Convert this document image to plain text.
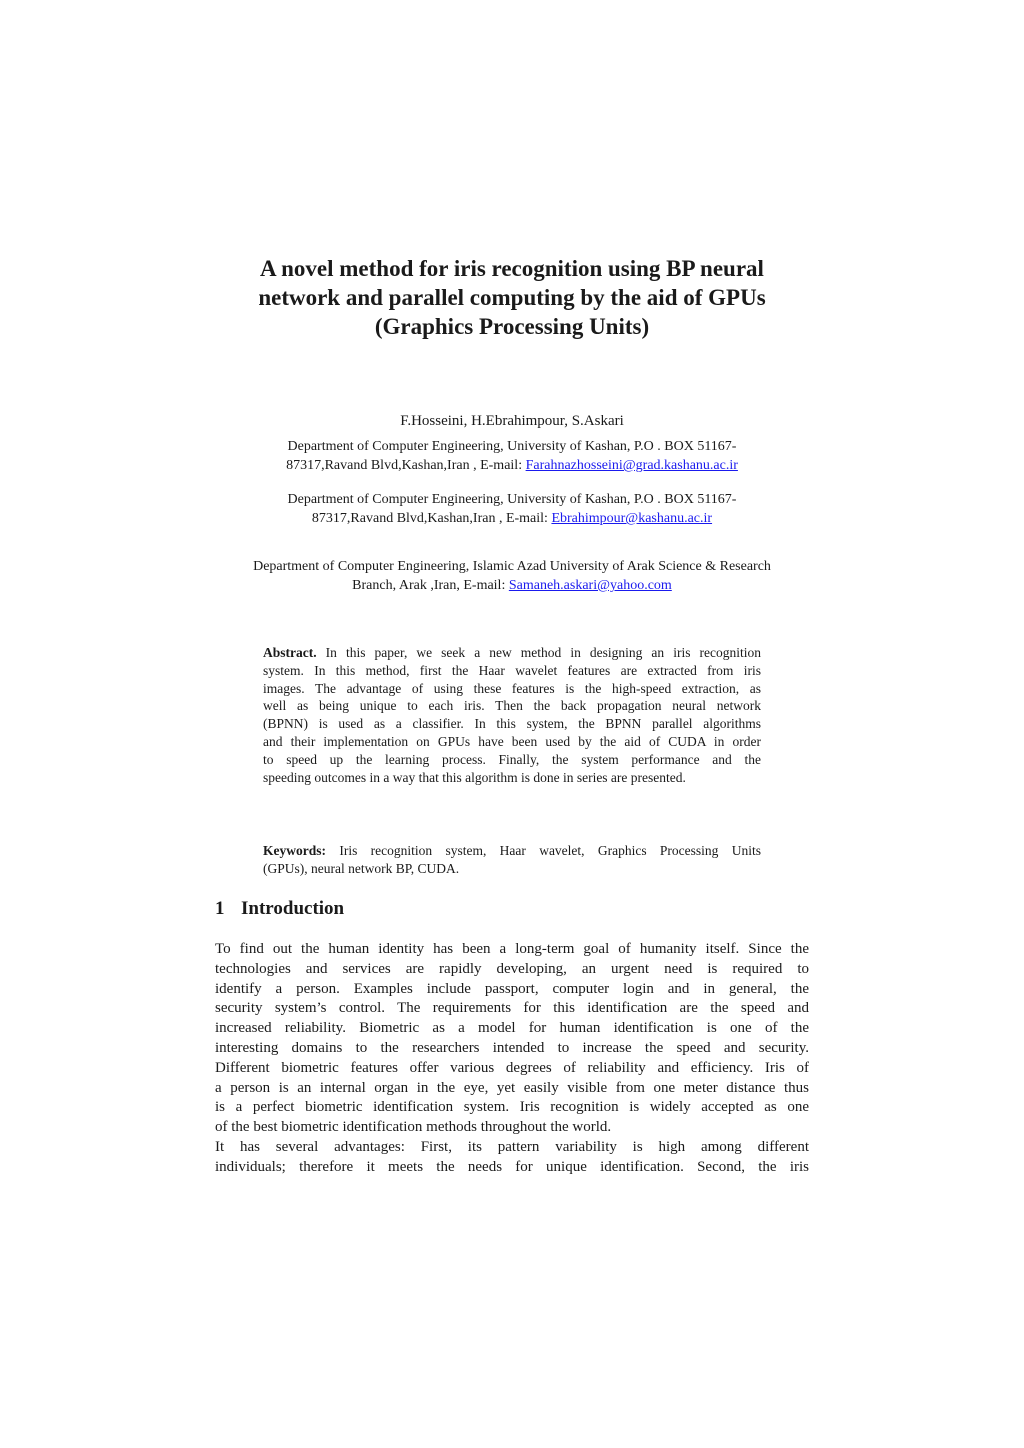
A novel method for iris recognition using BP neural
network and parallel computing by the aid of GPUs
(Graphics Processing Units)
F.Hosseini, H.Ebrahimpour, S.Askari
Department of Computer Engineering, University of Kashan, P.O . BOX 51167-
87317,Ravand Blvd,Kashan,Iran , E-mail: Farahnazhosseini@grad.kashanu.ac.ir
Department of Computer Engineering, University of Kashan, P.O . BOX 51167-
87317,Ravand Blvd,Kashan,Iran , E-mail: Ebrahimpour@kashanu.ac.ir
Department of Computer Engineering, Islamic Azad University of Arak Science & Research
Branch, Arak ,Iran, E-mail: Samaneh.askari@yahoo.com
Abstract. In this paper, we seek a new method in designing an iris recognition
system. In this method, first the Haar wavelet features are extracted from iris
images. The advantage of using these features is the high-speed extraction, as
well as being unique to each iris. Then the back propagation neural network
(BPNN) is used as a classifier. In this system, the BPNN parallel algorithms
and their implementation on GPUs have been used by the aid of CUDA in order
to speed up the learning process. Finally, the system performance and the
speeding outcomes in a way that this algorithm is done in series are presented.
Keywords: Iris recognition system, Haar wavelet, Graphics Processing Units
(GPUs), neural network BP, CUDA.
1 Introduction
To find out the human identity has been a long-term goal of humanity itself. Since the
technologies and services are rapidly developing, an urgent need is required to
identify a person. Examples include passport, computer login and in general, the
security system’s control. The requirements for this identification are the speed and
increased reliability. Biometric as a model for human identification is one of the
interesting domains to the researchers intended to increase the speed and security.
Different biometric features offer various degrees of reliability and efficiency. Iris of
a person is an internal organ in the eye, yet easily visible from one meter distance thus
is a perfect biometric identification system. Iris recognition is widely accepted as one
of the best biometric identification methods throughout the world.
It has several advantages: First, its pattern variability is high among different
individuals; therefore it meets the needs for unique identification. Second, the iris
